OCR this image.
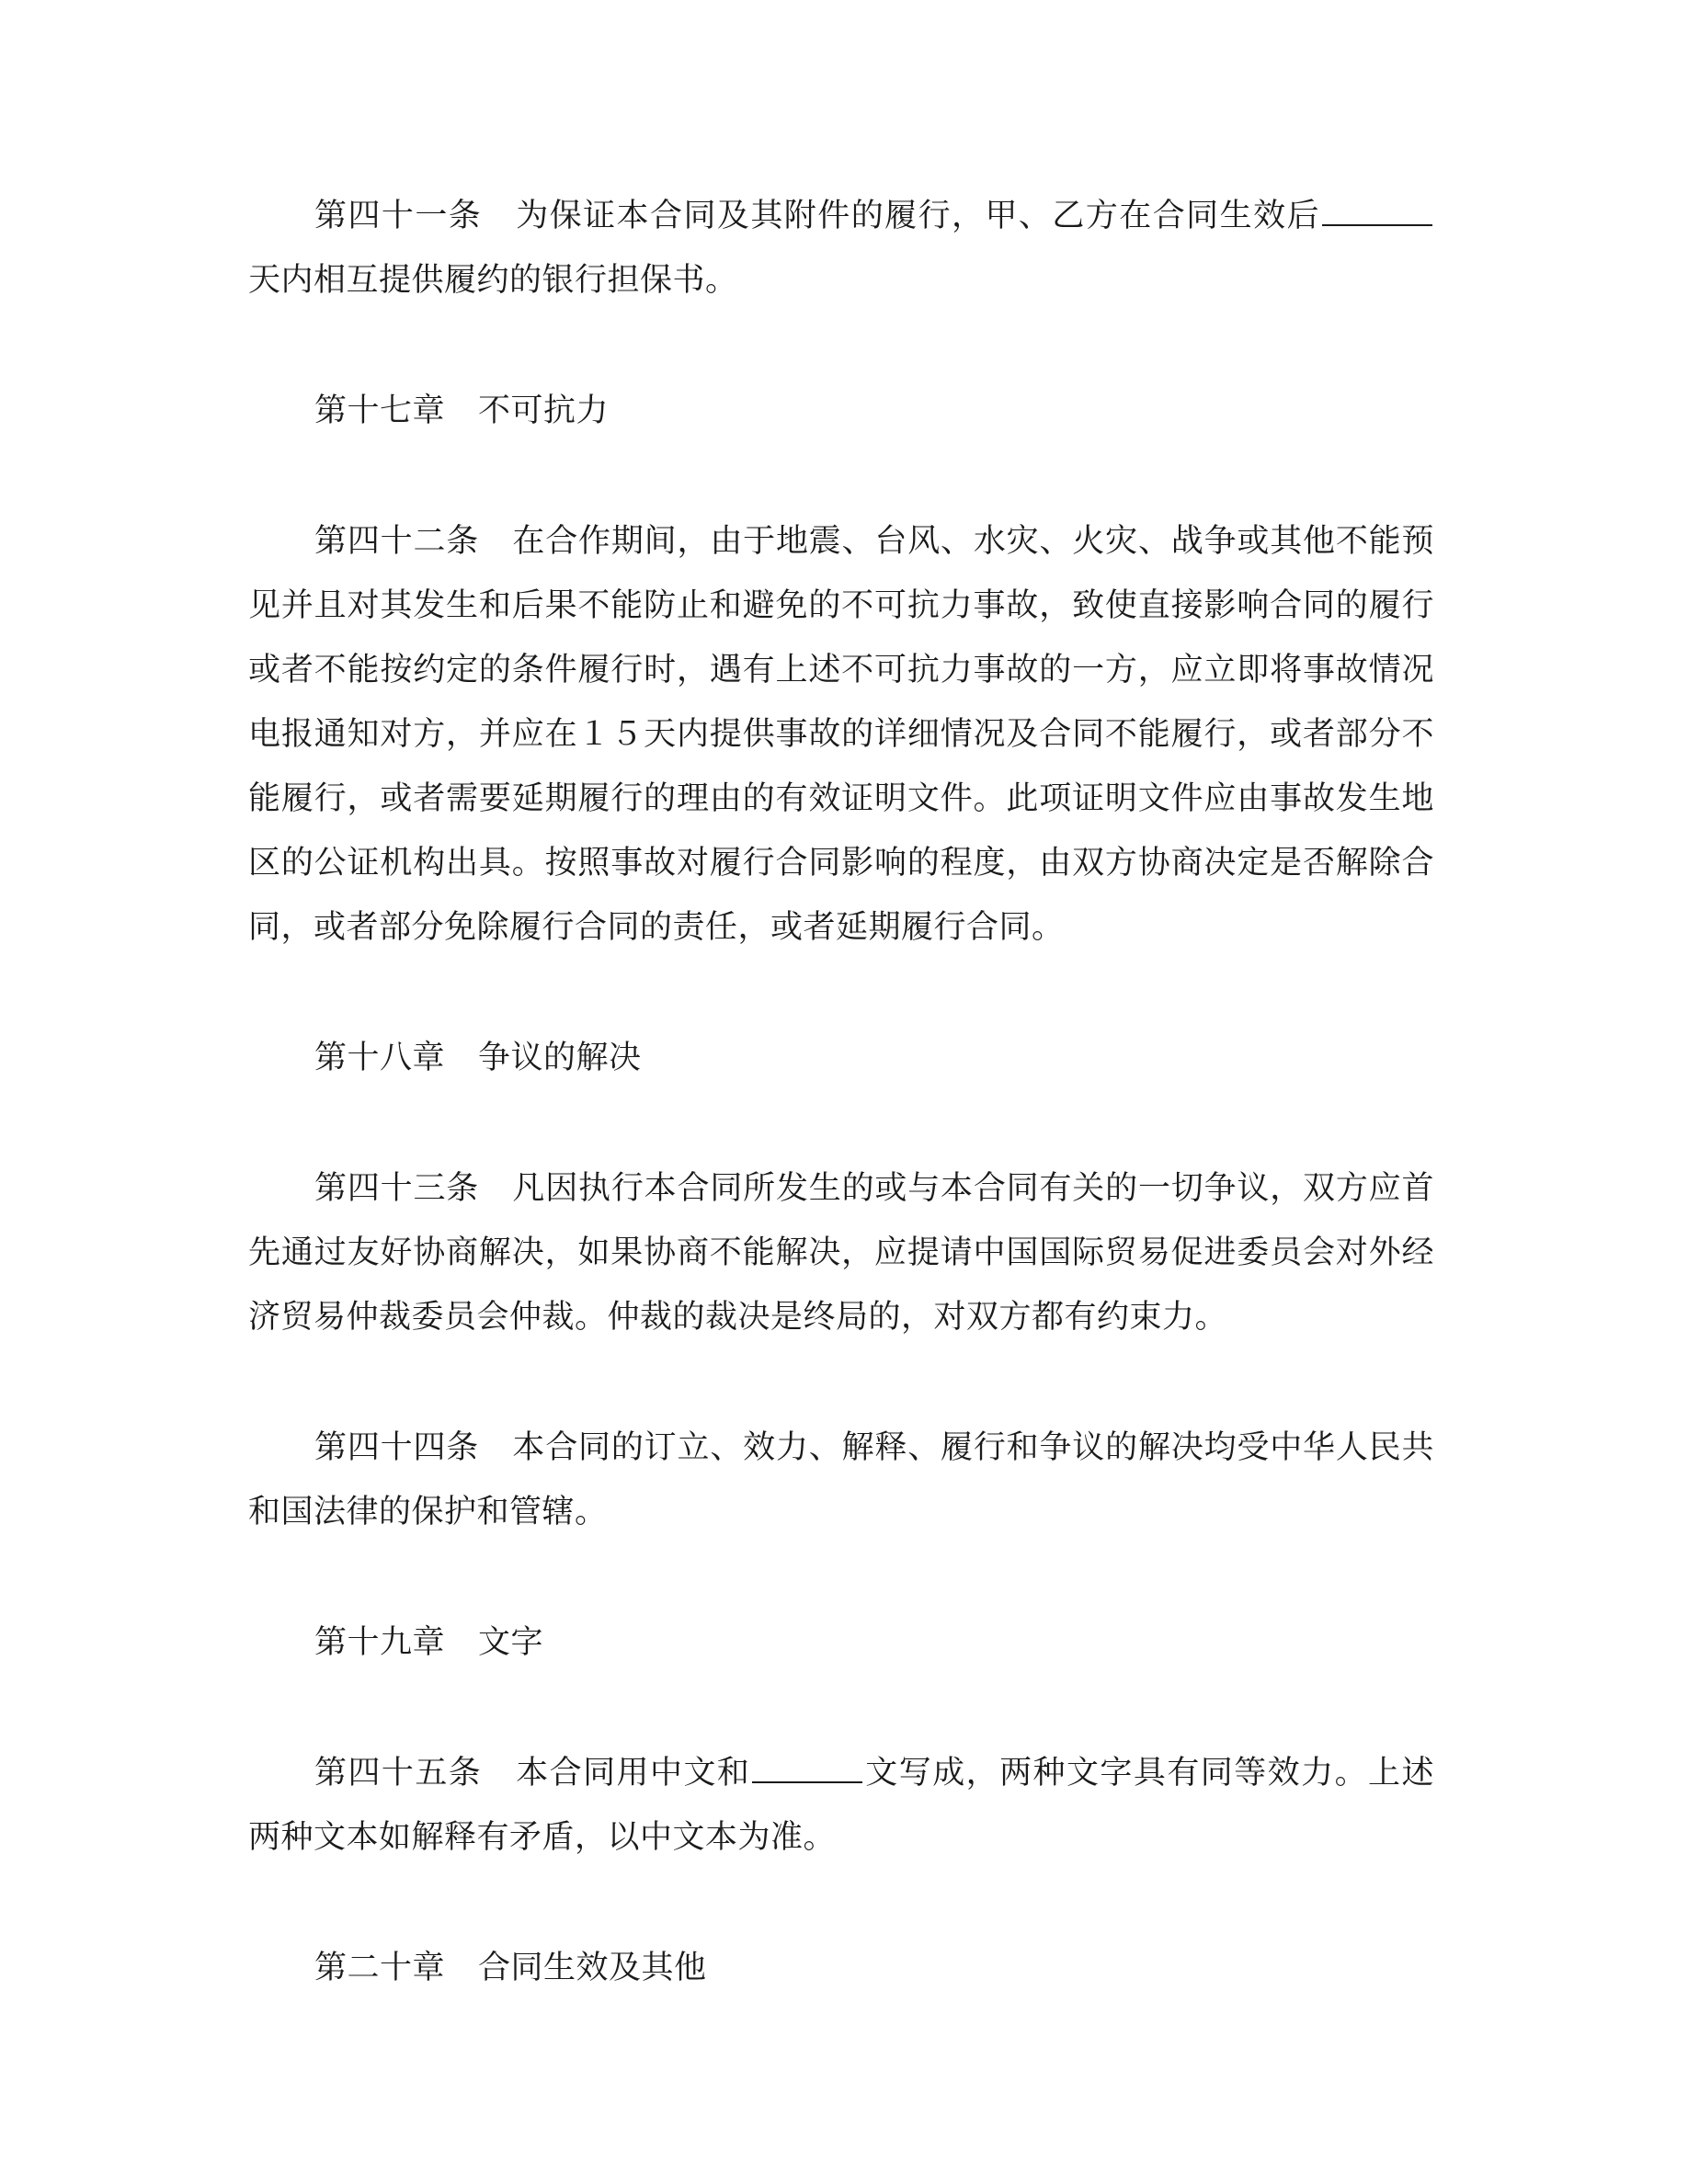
第四十一条 为保证本合同及其附件的履行，甲、乙方在合同生效后天内相互提供履约的银行担保书。

第十七章 不可抗力

第四十二条 在合作期间，由于地震、台风、水灾、火灾、战争或其他不能预见并且对其发生和后果不能防止和避免的不可抗力事故，致使直接影响合同的履行或者不能按约定的条件履行时，遇有上述不可抗力事故的一方，应立即将事故情况电报通知对方，并应在１５天内提供事故的详细情况及合同不能履行，或者部分不能履行，或者需要延期履行的理由的有效证明文件。此项证明文件应由事故发生地区的公证机构出具。按照事故对履行合同影响的程度，由双方协商决定是否解除合同，或者部分免除履行合同的责任，或者延期履行合同。

第十八章 争议的解决

第四十三条 凡因执行本合同所发生的或与本合同有关的一切争议，双方应首先通过友好协商解决，如果协商不能解决，应提请中国国际贸易促进委员会对外经济贸易仲裁委员会仲裁。仲裁的裁决是终局的，对双方都有约束力。

第四十四条 本合同的订立、效力、解释、履行和争议的解决均受中华人民共和国法律的保护和管辖。

第十九章 文字

第四十五条 本合同用中文和	文写成，两种文字具有同等效力。上述两种文本如解释有矛盾，以中文本为准。

第二十章 合同生效及其他
